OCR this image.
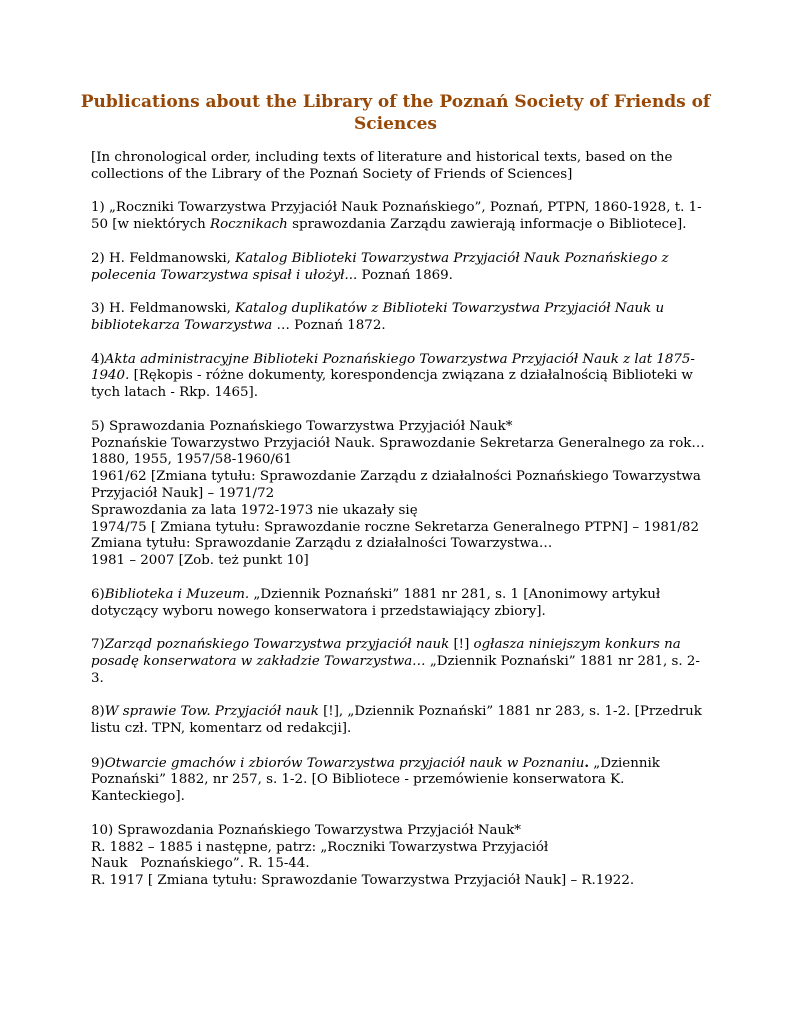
Publications about the Library of the Poznań Society of Friends of Sciences

[In chronological order, including texts of literature and historical texts, based on the collections of the Library of the Poznań Society of Friends of Sciences]

1) „Roczniki Towarzystwa Przyjaciół Nauk Poznańskiego”, Poznań, PTPN, 1860-1928, t. 1-50 [w niektórych Rocznikach sprawozdania Zarządu zawierają informacje o Bibliotece].

2) H. Feldmanowski, Katalog Biblioteki Towarzystwa Przyjaciół Nauk Poznańskiego z polecenia Towarzystwa spisał i ułożył... Poznań 1869.

3) H. Feldmanowski, Katalog duplikatów z Biblioteki Towarzystwa Przyjaciół Nauk u bibliotekarza Towarzystwa … Poznań 1872.

4)Akta administracyjne Biblioteki Poznańskiego Towarzystwa Przyjaciół Nauk z lat 1875-1940. [Rękopis - różne dokumenty, korespondencja związana z działalnością Biblioteki w tych latach - Rkp. 1465].

5) Sprawozdania Poznańskiego Towarzystwa Przyjaciół Nauk*
Poznańskie Towarzystwo Przyjaciół Nauk. Sprawozdanie Sekretarza Generalnego za rok…
1880, 1955, 1957/58-1960/61
1961/62 [Zmiana tytułu: Sprawozdanie Zarządu z działalności Poznańskiego Towarzystwa Przyjaciół Nauk] – 1971/72
Sprawozdania za lata 1972-1973 nie ukazały się
1974/75 [ Zmiana tytułu: Sprawozdanie roczne Sekretarza Generalnego PTPN] – 1981/82
Zmiana tytułu: Sprawozdanie Zarządu z działalności Towarzystwa…
1981 – 2007 [Zob. też punkt 10]

6)Biblioteka i Muzeum. „Dziennik Poznański” 1881 nr 281, s. 1 [Anonimowy artykuł dotyczący wyboru nowego konserwatora i przedstawiający zbiory].

7)Zarząd poznańskiego Towarzystwa przyjaciół nauk [!] ogłasza niniejszym konkurs na posadę konserwatora w zakładzie Towarzystwa… „Dziennik Poznański” 1881 nr 281, s. 2-3.

8)W sprawie Tow. Przyjaciół nauk [!], „Dziennik Poznański” 1881 nr 283, s. 1-2. [Przedruk listu czł. TPN, komentarz od redakcji].

9)Otwarcie gmachów i zbiorów Towarzystwa przyjaciół nauk w Poznaniu. „Dziennik Poznański” 1882, nr 257, s. 1-2. [O Bibliotece - przemówienie konserwatora K. Kanteckiego].

10) Sprawozdania Poznańskiego Towarzystwa Przyjaciół Nauk*
R. 1882 – 1885 i następne, patrz: „Roczniki Towarzystwa Przyjaciół
Nauk   Poznańskiego”. R. 15-44.
R. 1917 [ Zmiana tytułu: Sprawozdanie Towarzystwa Przyjaciół Nauk] – R.1922.
